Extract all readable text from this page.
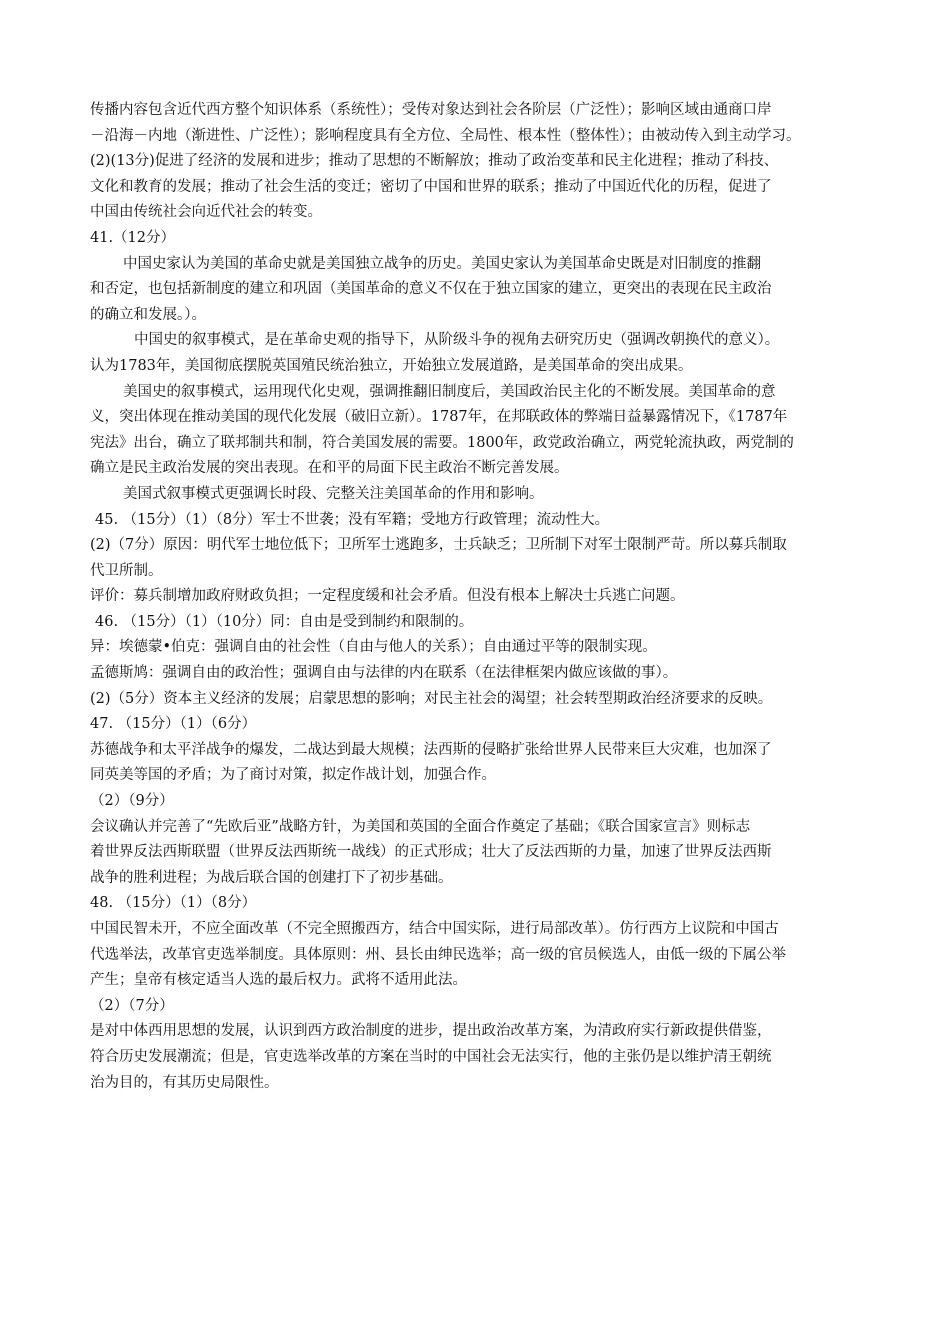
传播内容包含近代西方整个知识体系（系统性）；受传对象达到社会各阶层（广泛性）；影响区域由通商口岸
－沿海－内地（渐进性、广泛性）；影响程度具有全方位、全局性、根本性（整体性）；由被动传入到主动学习。
(2)(13分)促进了经济的发展和进步；推动了思想的不断解放；推动了政治变革和民主化进程；推动了科技、
文化和教育的发展；推动了社会生活的变迁；密切了中国和世界的联系；推动了中国近代化的历程，促进了
中国由传统社会向近代社会的转变。
41.（12分）
中国史家认为美国的革命史就是美国独立战争的历史。美国史家认为美国革命史既是对旧制度的推翻
和否定，也包括新制度的建立和巩固（美国革命的意义不仅在于独立国家的建立，更突出的表现在民主政治
的确立和发展。）。
中国史的叙事模式，是在革命史观的指导下，从阶级斗争的视角去研究历史（强调改朝换代的意义）。
认为1783年，美国彻底摆脱英国殖民统治独立，开始独立发展道路，是美国革命的突出成果。
美国史的叙事模式，运用现代化史观，强调推翻旧制度后，美国政治民主化的不断发展。美国革命的意
义，突出体现在推动美国的现代化发展（破旧立新）。1787年，在邦联政体的弊端日益暴露情况下，《1787年
宪法》出台，确立了联邦制共和制，符合美国发展的需要。1800年，政党政治确立，两党轮流执政，两党制的
确立是民主政治发展的突出表现。在和平的局面下民主政治不断完善发展。
美国式叙事模式更强调长时段、完整关注美国革命的作用和影响。
45. （15分）（1）（8分）军士不世袭；没有军籍；受地方行政管理；流动性大。
(2)（7分）原因：明代军士地位低下；卫所军士逃跑多，士兵缺乏；卫所制下对军士限制严苛。所以募兵制取
代卫所制。
评价：募兵制增加政府财政负担；一定程度缓和社会矛盾。但没有根本上解决士兵逃亡问题。
46. （15分）（1）（10分）同：自由是受到制约和限制的。
异：埃德蒙•伯克：强调自由的社会性（自由与他人的关系）；自由通过平等的限制实现。
孟德斯鸠：强调自由的政治性；强调自由与法律的内在联系（在法律框架内做应该做的事）。
(2)（5分）资本主义经济的发展；启蒙思想的影响；对民主社会的渴望；社会转型期政治经济要求的反映。
47. （15分）（1）（6分）
苏德战争和太平洋战争的爆发，二战达到最大规模；法西斯的侵略扩张给世界人民带来巨大灾难，也加深了
同英美等国的矛盾；为了商讨对策，拟定作战计划，加强合作。
（2）（9分）
会议确认并完善了“先欧后亚”战略方针，为美国和英国的全面合作奠定了基础；《联合国家宣言》则标志
着世界反法西斯联盟（世界反法西斯统一战线）的正式形成；壮大了反法西斯的力量，加速了世界反法西斯
战争的胜利进程；为战后联合国的创建打下了初步基础。
48. （15分）（1）（8分）
中国民智未开，不应全面改革（不完全照搬西方，结合中国实际，进行局部改革）。仿行西方上议院和中国古
代选举法，改革官吏选举制度。具体原则：州、县长由绅民选举；高一级的官员候选人，由低一级的下属公举
产生；皇帝有核定适当人选的最后权力。武将不适用此法。
（2）（7分）
是对中体西用思想的发展，认识到西方政治制度的进步，提出政治改革方案，为清政府实行新政提供借鉴，
符合历史发展潮流；但是，官吏选举改革的方案在当时的中国社会无法实行，他的主张仍是以维护清王朝统
治为目的，有其历史局限性。
